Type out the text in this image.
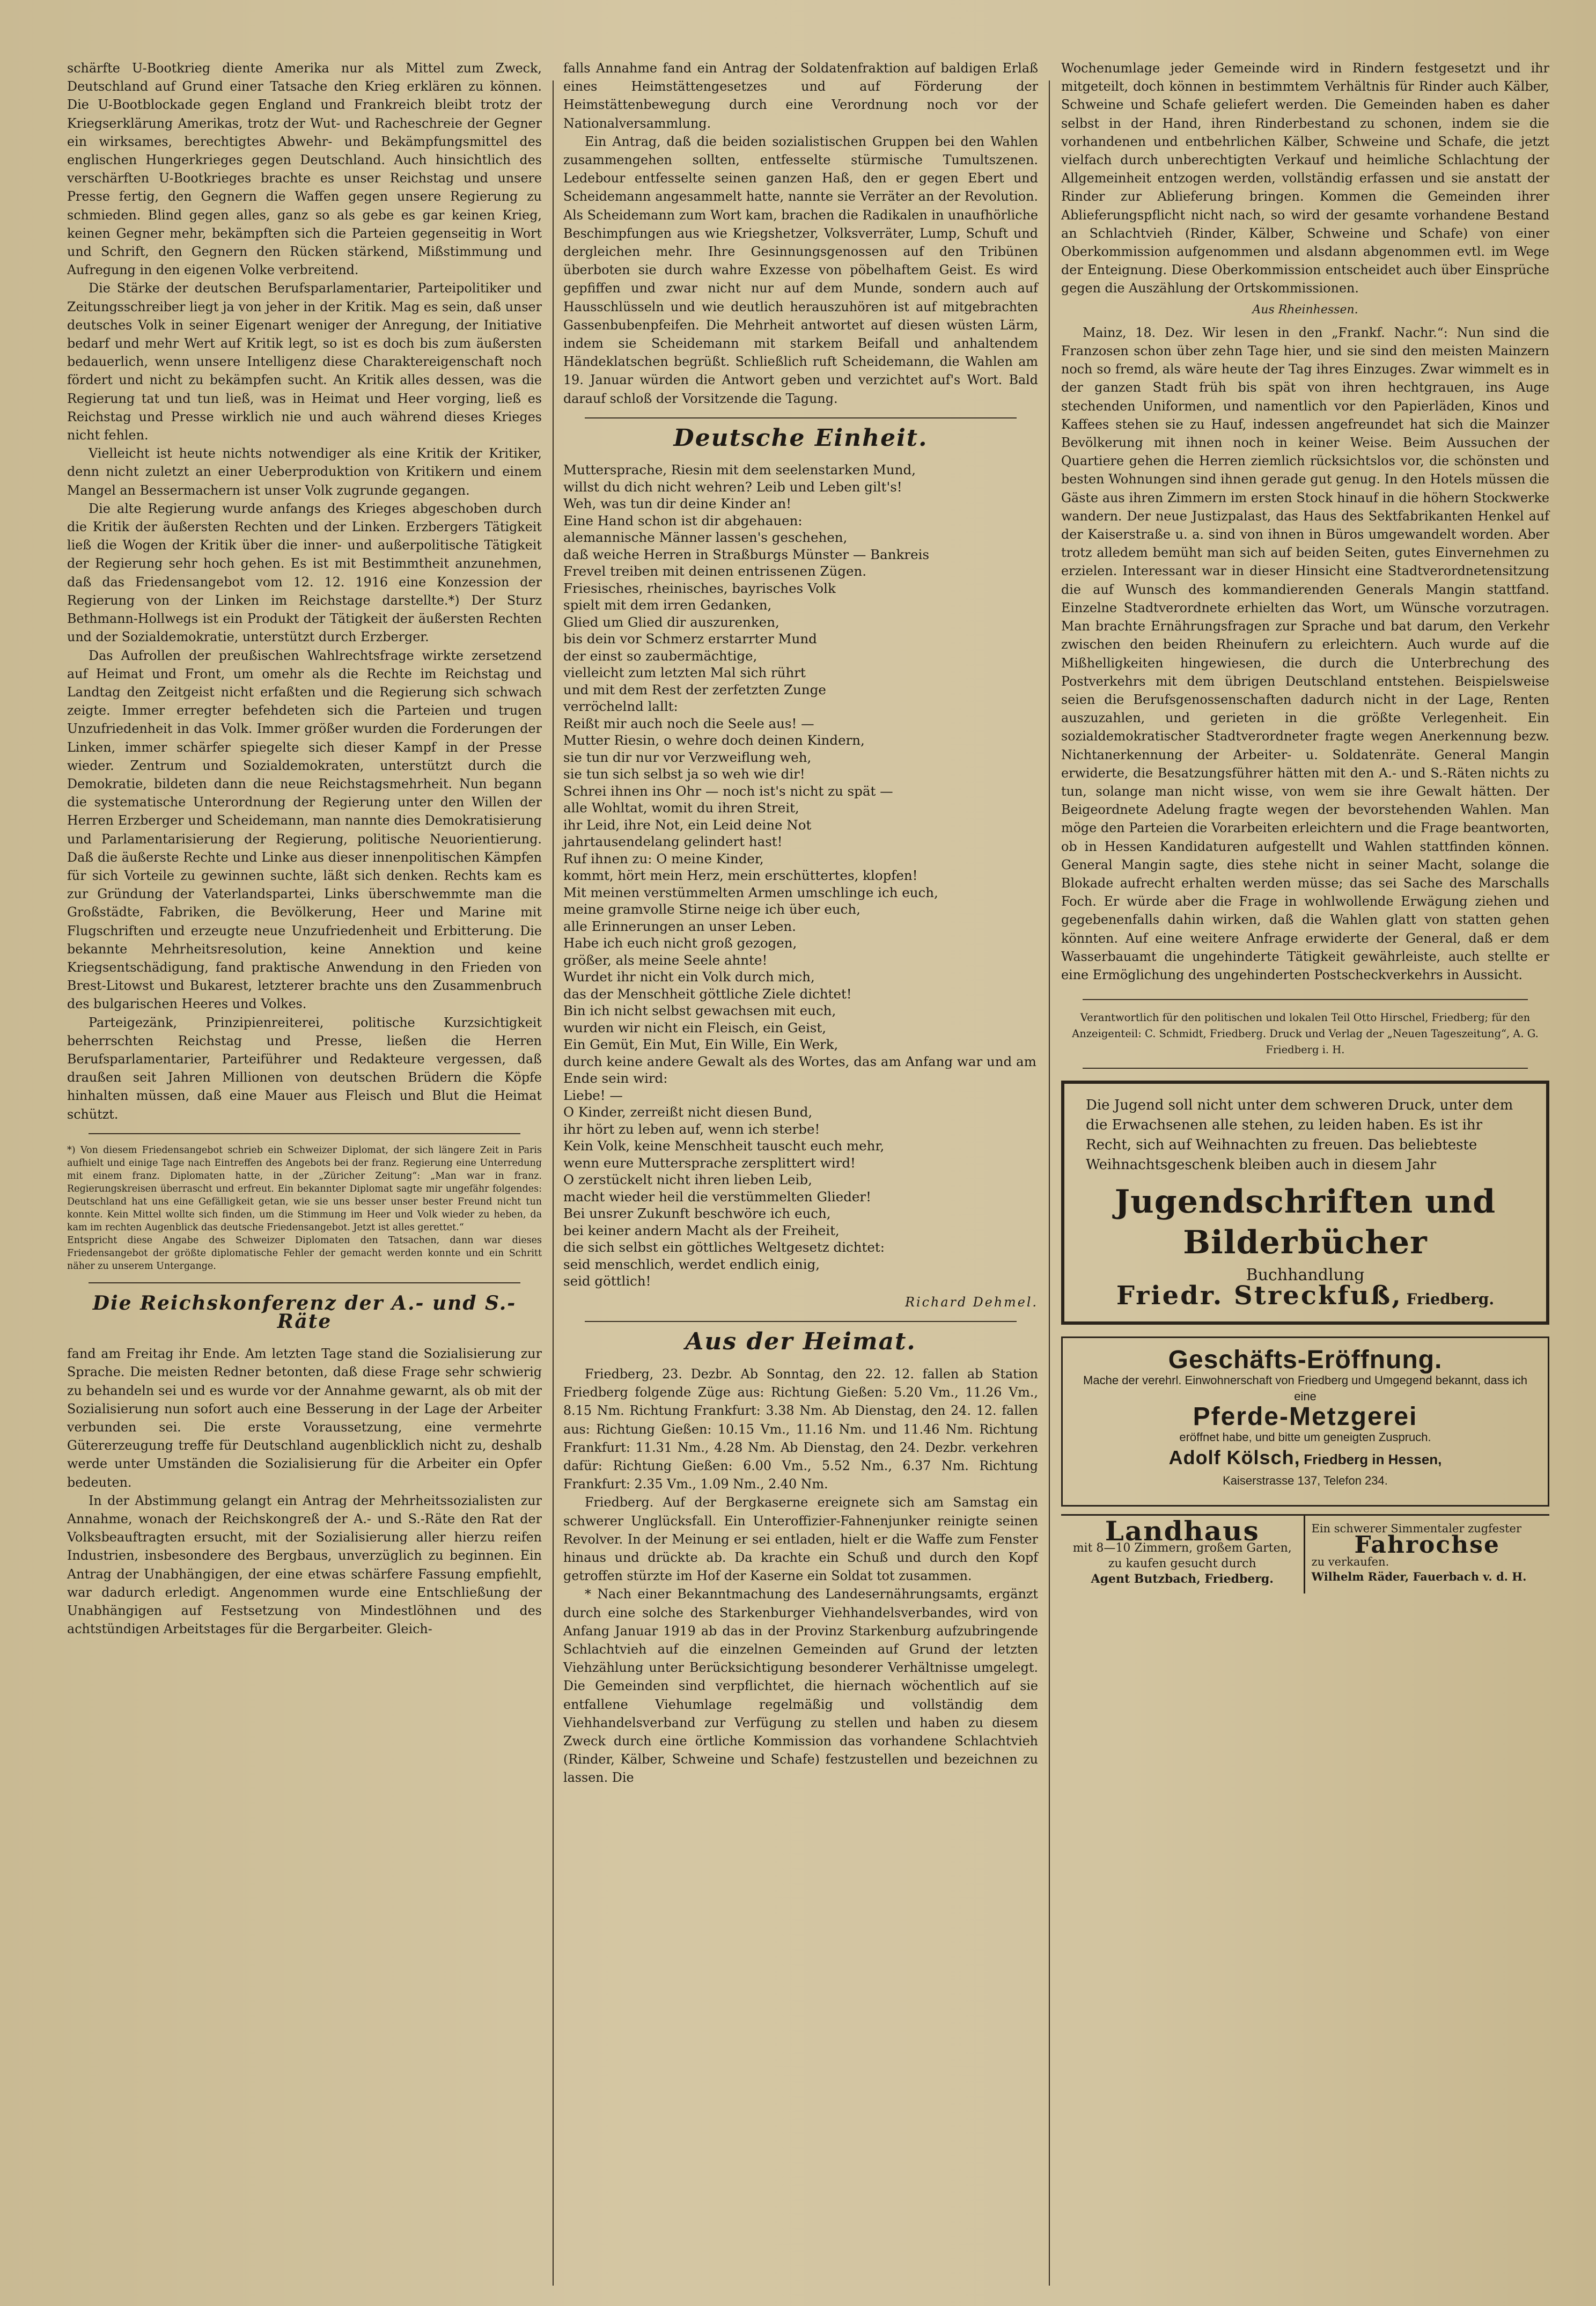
schärfte U-Bootkrieg diente Amerika nur als Mittel zum Zweck, Deutschland auf Grund einer Tatsache den Krieg erklären zu können. Die U-Bootblockade gegen England und Frankreich bleibt trotz der Kriegserklärung Amerikas, trotz der Wut- und Racheschreie der Gegner ein wirksames, berechtigtes Abwehr- und Bekämpfungsmittel des englischen Hungerkrieges gegen Deutschland. Auch hinsichtlich des verschärften U-Bootkrieges brachte es unser Reichstag und unsere Presse fertig, den Gegnern die Waffen gegen unsere Regierung zu schmieden. Blind gegen alles, ganz so als gebe es gar keinen Krieg, keinen Gegner mehr, bekämpften sich die Parteien gegenseitig in Wort und Schrift, den Gegnern den Rücken stärkend, Mißstimmung und Aufregung in den eigenen Volke verbreitend.

Die Stärke der deutschen Berufsparlamentarier, Parteipolitiker und Zeitungsschreiber liegt ja von jeher in der Kritik. Mag es sein, daß unser deutsches Volk in seiner Eigenart weniger der Anregung, der Initiative bedarf und mehr Wert auf Kritik legt, so ist es doch bis zum äußersten bedauerlich, wenn unsere Intelligenz diese Charaktereigenschaft noch fördert und nicht zu bekämpfen sucht. An Kritik alles dessen, was die Regierung tat und tun ließ, was in Heimat und Heer vorging, ließ es Reichstag und Presse wirklich nie und auch während dieses Krieges nicht fehlen.

Vielleicht ist heute nichts notwendiger als eine Kritik der Kritiker, denn nicht zuletzt an einer Ueberproduktion von Kritikern und einem Mangel an Bessermachern ist unser Volk zugrunde gegangen.

Die alte Regierung wurde anfangs des Krieges abgeschoben durch die Kritik der äußersten Rechten und der Linken. Erzbergers Tätigkeit ließ die Wogen der Kritik über die inner- und außerpolitische Tätigkeit der Regierung sehr hoch gehen. Es ist mit Bestimmtheit anzunehmen, daß das Friedensangebot vom 12. 12. 1916 eine Konzession der Regierung von der Linken im Reichstage darstellte.*) Der Sturz Bethmann-Hollwegs ist ein Produkt der Tätigkeit der äußersten Rechten und der Sozialdemokratie, unterstützt durch Erzberger.

Das Aufrollen der preußischen Wahlrechtsfrage wirkte zersetzend auf Heimat und Front, um omehr als die Rechte im Reichstag und Landtag den Zeitgeist nicht erfaßten und die Regierung sich schwach zeigte. Immer erregter befehdeten sich die Parteien und trugen Unzufriedenheit in das Volk. Immer größer wurden die Forderungen der Linken, immer schärfer spiegelte sich dieser Kampf in der Presse wieder. Zentrum und Sozialdemokraten, unterstützt durch die Demokratie, bildeten dann die neue Reichstagsmehrheit. Nun begann die systematische Unterordnung der Regierung unter den Willen der Herren Erzberger und Scheidemann, man nannte dies Demokratisierung und Parlamentarisierung der Regierung, politische Neuorientierung. Daß die äußerste Rechte und Linke aus dieser innenpolitischen Kämpfen für sich Vorteile zu gewinnen suchte, läßt sich denken. Rechts kam es zur Gründung der Vaterlandspartei, Links überschwemmte man die Großstädte, Fabriken, die Bevölkerung, Heer und Marine mit Flugschriften und erzeugte neue Unzufriedenheit und Erbitterung. Die bekannte Mehrheitsresolution, keine Annektion und keine Kriegsentschädigung, fand praktische Anwendung in den Frieden von Brest-Litowst und Bukarest, letzterer brachte uns den Zusammenbruch des bulgarischen Heeres und Volkes.

Parteigezänk, Prinzipienreiterei, politische Kurzsichtigkeit beherrschten Reichstag und Presse, ließen die Herren Berufsparlamentarier, Parteiführer und Redakteure vergessen, daß draußen seit Jahren Millionen von deutschen Brüdern die Köpfe hinhalten müssen, daß eine Mauer aus Fleisch und Blut die Heimat schützt.

*) Von diesem Friedensangebot schrieb ein Schweizer Diplomat, der sich längere Zeit in Paris aufhielt und einige Tage nach Eintreffen des Angebots bei der franz. Regierung eine Unterredung mit einem franz. Diplomaten hatte, in der „Züricher Zeitung“: „Man war in franz. Regierungskreisen überrascht und erfreut. Ein bekannter Diplomat sagte mir ungefähr folgendes: Deutschland hat uns eine Gefälligkeit getan, wie sie uns besser unser bester Freund nicht tun konnte. Kein Mittel wollte sich finden, um die Stimmung im Heer und Volk wieder zu heben, da kam im rechten Augenblick das deutsche Friedensangebot. Jetzt ist alles gerettet.“

Entspricht diese Angabe des Schweizer Diplomaten den Tatsachen, dann war dieses Friedensangebot der größte diplomatische Fehler der gemacht werden konnte und ein Schritt näher zu unserem Untergange.

Die Reichskonferenz der A.- und S.-Räte

fand am Freitag ihr Ende. Am letzten Tage stand die Sozialisierung zur Sprache. Die meisten Redner betonten, daß diese Frage sehr schwierig zu behandeln sei und es wurde vor der Annahme gewarnt, als ob mit der Sozialisierung nun sofort auch eine Besserung in der Lage der Arbeiter verbunden sei. Die erste Voraussetzung, eine vermehrte Gütererzeugung treffe für Deutschland augenblicklich nicht zu, deshalb werde unter Umständen die Sozialisierung für die Arbeiter ein Opfer bedeuten.

In der Abstimmung gelangt ein Antrag der Mehrheitssozialisten zur Annahme, wonach der Reichskongreß der A.- und S.-Räte den Rat der Volksbeauftragten ersucht, mit der Sozialisierung aller hierzu reifen Industrien, insbesondere des Bergbaus, unverzüglich zu beginnen. Ein Antrag der Unabhängigen, der eine etwas schärfere Fassung empfiehlt, war dadurch erledigt. Angenommen wurde eine Entschließung der Unabhängigen auf Festsetzung von Mindestlöhnen und des achtstündigen Arbeitstages für die Bergarbeiter. Gleich-

falls Annahme fand ein Antrag der Soldatenfraktion auf baldigen Erlaß eines Heimstättengesetzes und auf Förderung der Heimstättenbewegung durch eine Verordnung noch vor der Nationalversammlung.

Ein Antrag, daß die beiden sozialistischen Gruppen bei den Wahlen zusammengehen sollten, entfesselte stürmische Tumultszenen. Ledebour entfesselte seinen ganzen Haß, den er gegen Ebert und Scheidemann angesammelt hatte, nannte sie Verräter an der Revolution. Als Scheidemann zum Wort kam, brachen die Radikalen in unaufhörliche Beschimpfungen aus wie Kriegshetzer, Volksverräter, Lump, Schuft und dergleichen mehr. Ihre Gesinnungsgenossen auf den Tribünen überboten sie durch wahre Exzesse von pöbelhaftem Geist. Es wird gepfiffen und zwar nicht nur auf dem Munde, sondern auch auf Hausschlüsseln und wie deutlich herauszuhören ist auf mitgebrachten Gassenbubenpfeifen. Die Mehrheit antwortet auf diesen wüsten Lärm, indem sie Scheidemann mit starkem Beifall und anhaltendem Händeklatschen begrüßt. Schließlich ruft Scheidemann, die Wahlen am 19. Januar würden die Antwort geben und verzichtet auf's Wort. Bald darauf schloß der Vorsitzende die Tagung.

Deutsche Einheit.
Muttersprache, Riesin mit dem seelenstarken Mund,
willst du dich nicht wehren? Leib und Leben gilt's!
Weh, was tun dir deine Kinder an!
Eine Hand schon ist dir abgehauen:
alemannische Männer lassen's geschehen,
daß weiche Herren in Straßburgs Münster — Bankreis
Frevel treiben mit deinen entrissenen Zügen.
Friesisches, rheinisches, bayrisches Volk
spielt mit dem irren Gedanken,
Glied um Glied dir auszurenken,
bis dein vor Schmerz erstarrter Mund
der einst so zaubermächtige,
vielleicht zum letzten Mal sich rührt
und mit dem Rest der zerfetzten Zunge
verröchelnd lallt:
Reißt mir auch noch die Seele aus! —
Mutter Riesin, o wehre doch deinen Kindern,
sie tun dir nur vor Verzweiflung weh,
sie tun sich selbst ja so weh wie dir!
Schrei ihnen ins Ohr — noch ist's nicht zu spät —
alle Wohltat, womit du ihren Streit,
ihr Leid, ihre Not, ein Leid deine Not
jahrtausendelang gelindert hast!
Ruf ihnen zu: O meine Kinder,
kommt, hört mein Herz, mein erschüttertes, klopfen!
Mit meinen verstümmelten Armen umschlinge ich euch,
meine gramvolle Stirne neige ich über euch,
alle Erinnerungen an unser Leben.
Habe ich euch nicht groß gezogen,
größer, als meine Seele ahnte!
Wurdet ihr nicht ein Volk durch mich,
das der Menschheit göttliche Ziele dichtet!
Bin ich nicht selbst gewachsen mit euch,
wurden wir nicht ein Fleisch, ein Geist,
Ein Gemüt, Ein Mut, Ein Wille, Ein Werk,
durch keine andere Gewalt als des Wortes, das am Anfang war und am Ende sein wird:
Liebe! —
O Kinder, zerreißt nicht diesen Bund,
ihr hört zu leben auf, wenn ich sterbe!
Kein Volk, keine Menschheit tauscht euch mehr,
wenn eure Muttersprache zersplittert wird!
O zerstückelt nicht ihren lieben Leib,
macht wieder heil die verstümmelten Glieder!
Bei unsrer Zukunft beschwöre ich euch,
bei keiner andern Macht als der Freiheit,
die sich selbst ein göttliches Weltgesetz dichtet:
seid menschlich, werdet endlich einig,
seid göttlich!
Richard Dehmel.
Aus der Heimat.

Friedberg, 23. Dezbr. Ab Sonntag, den 22. 12. fallen ab Station Friedberg folgende Züge aus: Richtung Gießen: 5.20 Vm., 11.26 Vm., 8.15 Nm. Richtung Frankfurt: 3.38 Nm. Ab Dienstag, den 24. 12. fallen aus: Richtung Gießen: 10.15 Vm., 11.16 Nm. und 11.46 Nm. Richtung Frankfurt: 11.31 Nm., 4.28 Nm. Ab Dienstag, den 24. Dezbr. verkehren dafür: Richtung Gießen: 6.00 Vm., 5.52 Nm., 6.37 Nm. Richtung Frankfurt: 2.35 Vm., 1.09 Nm., 2.40 Nm.

Friedberg. Auf der Bergkaserne ereignete sich am Samstag ein schwerer Unglücksfall. Ein Unteroffizier-Fahnenjunker reinigte seinen Revolver. In der Meinung er sei entladen, hielt er die Waffe zum Fenster hinaus und drückte ab. Da krachte ein Schuß und durch den Kopf getroffen stürzte im Hof der Kaserne ein Soldat tot zusammen.

* Nach einer Bekanntmachung des Landesernährungsamts, ergänzt durch eine solche des Starkenburger Viehhandelsverbandes, wird von Anfang Januar 1919 ab das in der Provinz Starkenburg aufzubringende Schlachtvieh auf die einzelnen Gemeinden auf Grund der letzten Viehzählung unter Berücksichtigung besonderer Verhältnisse umgelegt. Die Gemeinden sind verpflichtet, die hiernach wöchentlich auf sie entfallene Viehumlage regelmäßig und vollständig dem Viehhandelsverband zur Verfügung zu stellen und haben zu diesem Zweck durch eine örtliche Kommission das vorhandene Schlachtvieh (Rinder, Kälber, Schweine und Schafe) festzustellen und bezeichnen zu lassen. Die

Wochenumlage jeder Gemeinde wird in Rindern festgesetzt und ihr mitgeteilt, doch können in bestimmtem Verhältnis für Rinder auch Kälber, Schweine und Schafe geliefert werden. Die Gemeinden haben es daher selbst in der Hand, ihren Rinderbestand zu schonen, indem sie die vorhandenen und entbehrlichen Kälber, Schweine und Schafe, die jetzt vielfach durch unberechtigten Verkauf und heimliche Schlachtung der Allgemeinheit entzogen werden, vollständig erfassen und sie anstatt der Rinder zur Ablieferung bringen. Kommen die Gemeinden ihrer Ablieferungspflicht nicht nach, so wird der gesamte vorhandene Bestand an Schlachtvieh (Rinder, Kälber, Schweine und Schafe) von einer Oberkommission aufgenommen und alsdann abgenommen evtl. im Wege der Enteignung. Diese Oberkommission entscheidet auch über Einsprüche gegen die Auszählung der Ortskommissionen.

Aus Rheinhessen.

Mainz, 18. Dez. Wir lesen in den „Frankf. Nachr.“: Nun sind die Franzosen schon über zehn Tage hier, und sie sind den meisten Mainzern noch so fremd, als wäre heute der Tag ihres Einzuges. Zwar wimmelt es in der ganzen Stadt früh bis spät von ihren hechtgrauen, ins Auge stechenden Uniformen, und namentlich vor den Papierläden, Kinos und Kaffees stehen sie zu Hauf, indessen angefreundet hat sich die Mainzer Bevölkerung mit ihnen noch in keiner Weise. Beim Aussuchen der Quartiere gehen die Herren ziemlich rücksichtslos vor, die schönsten und besten Wohnungen sind ihnen gerade gut genug. In den Hotels müssen die Gäste aus ihren Zimmern im ersten Stock hinauf in die höhern Stockwerke wandern. Der neue Justizpalast, das Haus des Sektfabrikanten Henkel auf der Kaiserstraße u. a. sind von ihnen in Büros umgewandelt worden. Aber trotz alledem bemüht man sich auf beiden Seiten, gutes Einvernehmen zu erzielen. Interessant war in dieser Hinsicht eine Stadtverordnetensitzung die auf Wunsch des kommandierenden Generals Mangin stattfand. Einzelne Stadtverordnete erhielten das Wort, um Wünsche vorzutragen. Man brachte Ernährungsfragen zur Sprache und bat darum, den Verkehr zwischen den beiden Rheinufern zu erleichtern. Auch wurde auf die Mißhelligkeiten hingewiesen, die durch die Unterbrechung des Postverkehrs mit dem übrigen Deutschland entstehen. Beispielsweise seien die Berufsgenossenschaften dadurch nicht in der Lage, Renten auszuzahlen, und gerieten in die größte Verlegenheit. Ein sozialdemokratischer Stadtverordneter fragte wegen Anerkennung bezw. Nichtanerkennung der Arbeiter- u. Soldatenräte. General Mangin erwiderte, die Besatzungsführer hätten mit den A.- und S.-Räten nichts zu tun, solange man nicht wisse, von wem sie ihre Gewalt hätten. Der Beigeordnete Adelung fragte wegen der bevorstehenden Wahlen. Man möge den Parteien die Vorarbeiten erleichtern und die Frage beantworten, ob in Hessen Kandidaturen aufgestellt und Wahlen stattfinden können. General Mangin sagte, dies stehe nicht in seiner Macht, solange die Blokade aufrecht erhalten werden müsse; das sei Sache des Marschalls Foch. Er würde aber die Frage in wohlwollende Erwägung ziehen und gegebenenfalls dahin wirken, daß die Wahlen glatt von statten gehen könnten. Auf eine weitere Anfrage erwiderte der General, daß er dem Wasserbauamt die ungehinderte Tätigkeit gewährleiste, auch stellte er eine Ermöglichung des ungehinderten Postscheckverkehrs in Aussicht.

Verantwortlich für den politischen und lokalen Teil Otto Hirschel, Friedberg; für den Anzeigenteil: C. Schmidt, Friedberg. Druck und Verlag der „Neuen Tageszeitung“, A. G. Friedberg i. H.
Die Jugend soll nicht unter dem schweren Druck, unter dem die Erwachsenen alle stehen, zu leiden haben. Es ist ihr Recht, sich auf Weihnachten zu freuen. Das beliebteste Weihnachtsgeschenk bleiben auch in diesem Jahr
Jugendschriften und Bilderbücher
Buchhandlung
Friedr. Streckfuß, Friedberg.
Geschäfts-Eröffnung.
Mache der verehrl. Einwohnerschaft von Friedberg und Umgegend bekannt, dass ich eine
Pferde-Metzgerei
eröffnet habe, und bitte um geneigten Zuspruch.
Adolf Kölsch, Friedberg in Hessen,
Kaiserstrasse 137, Telefon 234.
Landhaus
mit 8—10 Zimmern, großem Garten, zu kaufen gesucht durch
Agent Butzbach, Friedberg.
Ein schwerer Simmentaler zugfester
Fahrochse
zu verkaufen.
Wilhelm Räder, Fauerbach v. d. H.
